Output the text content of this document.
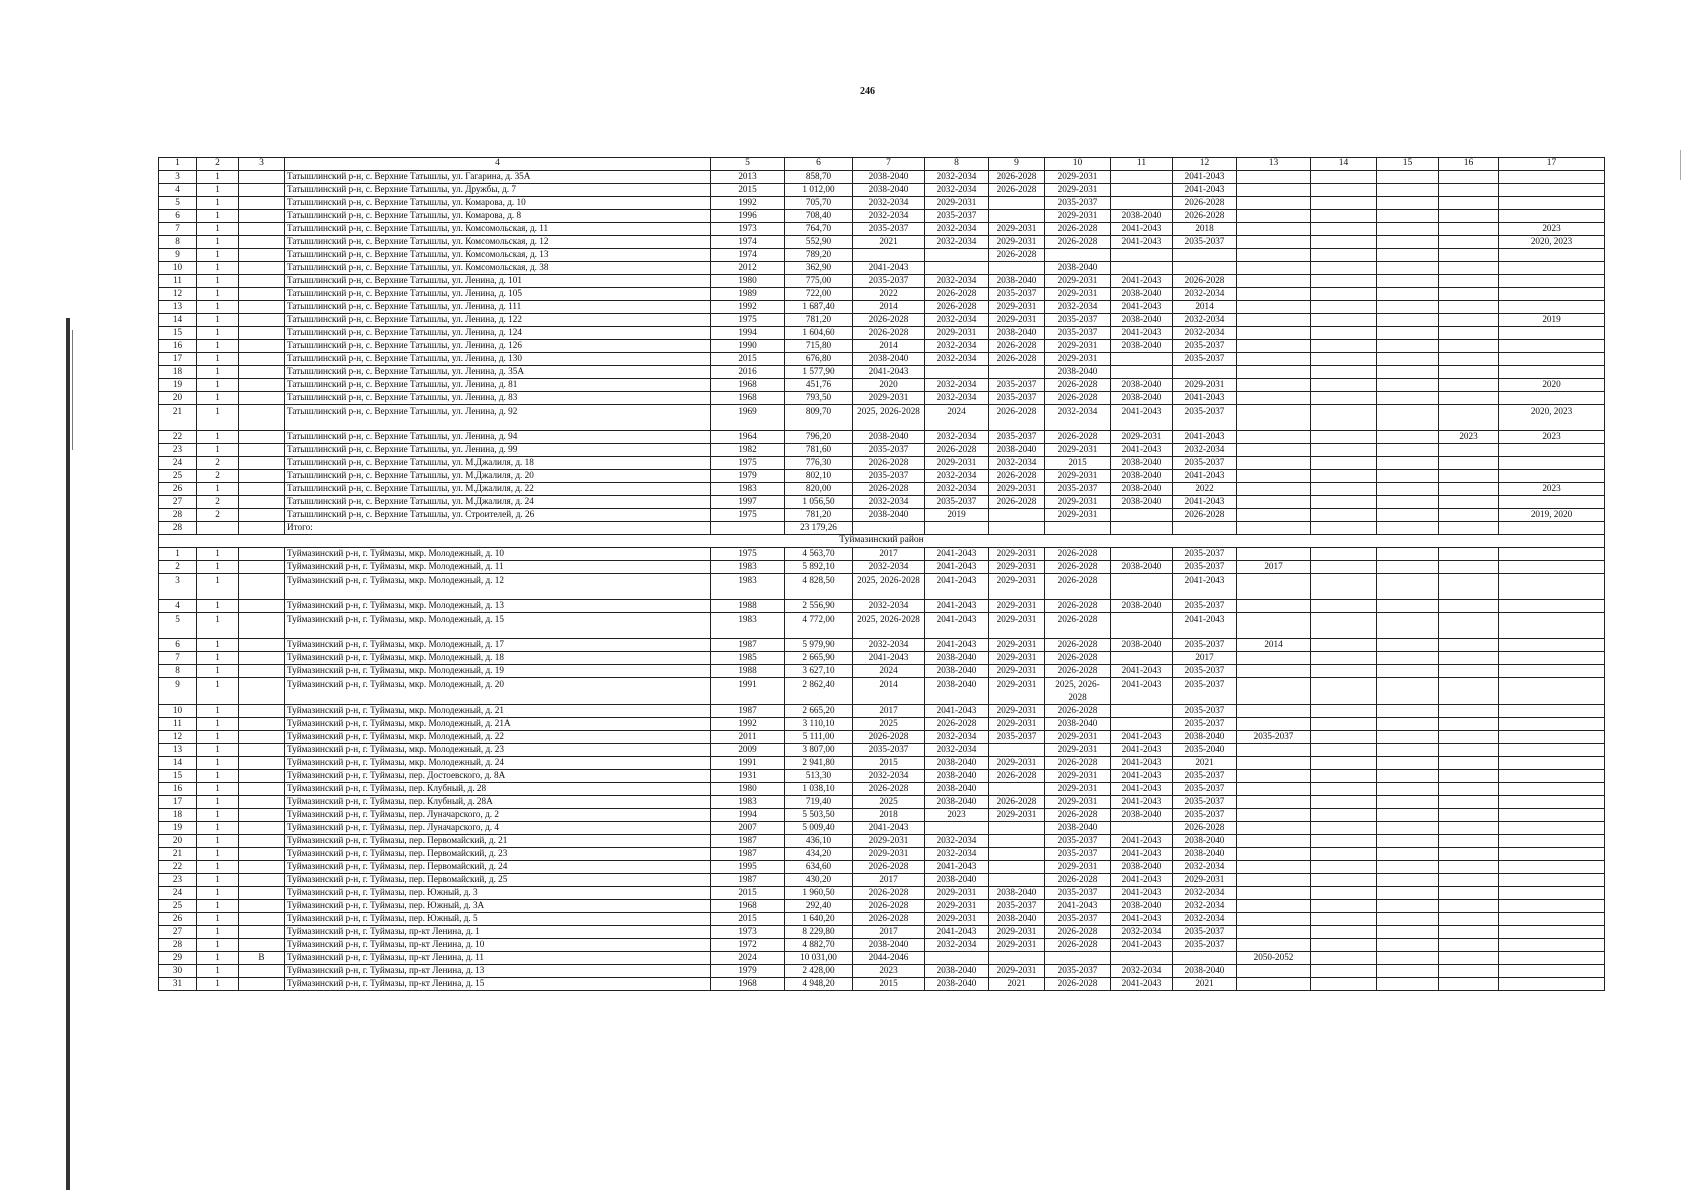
246
1	2	3	4	5	6	7	8	9	10	11	12	13	14	15	16	17
3	1		Татышлинский р-н, с. Верхние Татышлы, ул. Гагарина, д. 35А	2013	858,70	2038-2040	2032-2034	2026-2028	2029-2031		2041-2043					
4	1		Татышлинский р-н, с. Верхние Татышлы, ул. Дружбы, д. 7	2015	1 012,00	2038-2040	2032-2034	2026-2028	2029-2031		2041-2043					
5	1		Татышлинский р-н, с. Верхние Татышлы, ул. Комарова, д. 10	1992	705,70	2032-2034	2029-2031		2035-2037		2026-2028					
6	1		Татышлинский р-н, с. Верхние Татышлы, ул. Комарова, д. 8	1996	708,40	2032-2034	2035-2037		2029-2031	2038-2040	2026-2028					
7	1		Татышлинский р-н, с. Верхние Татышлы, ул. Комсомольская, д. 11	1973	764,70	2035-2037	2032-2034	2029-2031	2026-2028	2041-2043	2018					2023
8	1		Татышлинский р-н, с. Верхние Татышлы, ул. Комсомольская, д. 12	1974	552,90	2021	2032-2034	2029-2031	2026-2028	2041-2043	2035-2037					2020, 2023
9	1		Татышлинский р-н, с. Верхние Татышлы, ул. Комсомольская, д. 13	1974	789,20			2026-2028								
10	1		Татышлинский р-н, с. Верхние Татышлы, ул. Комсомольская, д. 38	2012	362,90	2041-2043			2038-2040							
11	1		Татышлинский р-н, с. Верхние Татышлы, ул. Ленина, д. 101	1980	775,00	2035-2037	2032-2034	2038-2040	2029-2031	2041-2043	2026-2028					
12	1		Татышлинский р-н, с. Верхние Татышлы, ул. Ленина, д. 105	1989	722,00	2022	2026-2028	2035-2037	2029-2031	2038-2040	2032-2034					
13	1		Татышлинский р-н, с. Верхние Татышлы, ул. Ленина, д. 111	1992	1 687,40	2014	2026-2028	2029-2031	2032-2034	2041-2043	2014					
14	1		Татышлинский р-н, с. Верхние Татышлы, ул. Ленина, д. 122	1975	781,20	2026-2028	2032-2034	2029-2031	2035-2037	2038-2040	2032-2034					2019
15	1		Татышлинский р-н, с. Верхние Татышлы, ул. Ленина, д. 124	1994	1 604,60	2026-2028	2029-2031	2038-2040	2035-2037	2041-2043	2032-2034					
16	1		Татышлинский р-н, с. Верхние Татышлы, ул. Ленина, д. 126	1990	715,80	2014	2032-2034	2026-2028	2029-2031	2038-2040	2035-2037					
17	1		Татышлинский р-н, с. Верхние Татышлы, ул. Ленина, д. 130	2015	676,80	2038-2040	2032-2034	2026-2028	2029-2031		2035-2037					
18	1		Татышлинский р-н, с. Верхние Татышлы, ул. Ленина, д. 35А	2016	1 577,90	2041-2043			2038-2040							
19	1		Татышлинский р-н, с. Верхние Татышлы, ул. Ленина, д. 81	1968	451,76	2020	2032-2034	2035-2037	2026-2028	2038-2040	2029-2031					2020
20	1		Татышлинский р-н, с. Верхние Татышлы, ул. Ленина, д. 83	1968	793,50	2029-2031	2032-2034	2035-2037	2026-2028	2038-2040	2041-2043					
21	1		Татышлинский р-н, с. Верхние Татышлы, ул. Ленина, д. 92	1969	809,70	2025, 2026-2028	2024	2026-2028	2032-2034	2041-2043	2035-2037					2020, 2023
22	1		Татышлинский р-н, с. Верхние Татышлы, ул. Ленина, д. 94	1964	796,20	2038-2040	2032-2034	2035-2037	2026-2028	2029-2031	2041-2043				2023	2023
23	1		Татышлинский р-н, с. Верхние Татышлы, ул. Ленина, д. 99	1982	781,60	2035-2037	2026-2028	2038-2040	2029-2031	2041-2043	2032-2034					
24	2		Татышлинский р-н, с. Верхние Татышлы, ул. М.Джалиля, д. 18	1975	776,30	2026-2028	2029-2031	2032-2034	2015	2038-2040	2035-2037					
25	2		Татышлинский р-н, с. Верхние Татышлы, ул. М.Джалиля, д. 20	1979	802,10	2035-2037	2032-2034	2026-2028	2029-2031	2038-2040	2041-2043					
26	1		Татышлинский р-н, с. Верхние Татышлы, ул. М.Джалиля, д. 22	1983	820,00	2026-2028	2032-2034	2029-2031	2035-2037	2038-2040	2022					2023
27	2		Татышлинский р-н, с. Верхние Татышлы, ул. М.Джалиля, д. 24	1997	1 056,50	2032-2034	2035-2037	2026-2028	2029-2031	2038-2040	2041-2043					
28	2		Татышлинский р-н, с. Верхние Татышлы, ул. Строителей, д. 26	1975	781,20	2038-2040	2019		2029-2031		2026-2028					2019, 2020
28			Итого:		23 179,26											
Туймазинский район																
1	1		Туймазинский р-н, г. Туймазы, мкр. Молодежный, д. 10	1975	4 563,70	2017	2041-2043	2029-2031	2026-2028		2035-2037					
2	1		Туймазинский р-н, г. Туймазы, мкр. Молодежный, д. 11	1983	5 892,10	2032-2034	2041-2043	2029-2031	2026-2028	2038-2040	2035-2037	2017				
3	1		Туймазинский р-н, г. Туймазы, мкр. Молодежный, д. 12	1983	4 828,50	2025, 2026-2028	2041-2043	2029-2031	2026-2028		2041-2043					
4	1		Туймазинский р-н, г. Туймазы, мкр. Молодежный, д. 13	1988	2 556,90	2032-2034	2041-2043	2029-2031	2026-2028	2038-2040	2035-2037					
5	1		Туймазинский р-н, г. Туймазы, мкр. Молодежный, д. 15	1983	4 772,00	2025, 2026-2028	2041-2043	2029-2031	2026-2028		2041-2043					
6	1		Туймазинский р-н, г. Туймазы, мкр. Молодежный, д. 17	1987	5 979,90	2032-2034	2041-2043	2029-2031	2026-2028	2038-2040	2035-2037	2014				
7	1		Туймазинский р-н, г. Туймазы, мкр. Молодежный, д. 18	1985	2 665,90	2041-2043	2038-2040	2029-2031	2026-2028		2017					
8	1		Туймазинский р-н, г. Туймазы, мкр. Молодежный, д. 19	1988	3 627,10	2024	2038-2040	2029-2031	2026-2028	2041-2043	2035-2037					
9	1		Туймазинский р-н, г. Туймазы, мкр. Молодежный, д. 20	1991	2 862,40	2014	2038-2040	2029-2031	2025, 2026-2028	2041-2043	2035-2037					
10	1		Туймазинский р-н, г. Туймазы, мкр. Молодежный, д. 21	1987	2 665,20	2017	2041-2043	2029-2031	2026-2028		2035-2037					
11	1		Туймазинский р-н, г. Туймазы, мкр. Молодежный, д. 21А	1992	3 110,10	2025	2026-2028	2029-2031	2038-2040		2035-2037					
12	1		Туймазинский р-н, г. Туймазы, мкр. Молодежный, д. 22	2011	5 111,00	2026-2028	2032-2034	2035-2037	2029-2031	2041-2043	2038-2040	2035-2037				
13	1		Туймазинский р-н, г. Туймазы, мкр. Молодежный, д. 23	2009	3 807,00	2035-2037	2032-2034		2029-2031	2041-2043	2035-2040					
14	1		Туймазинский р-н, г. Туймазы, мкр. Молодежный, д. 24	1991	2 941,80	2015	2038-2040	2029-2031	2026-2028	2041-2043	2021					
15	1		Туймазинский р-н, г. Туймазы, пер. Достоевского, д. 8А	1931	513,30	2032-2034	2038-2040	2026-2028	2029-2031	2041-2043	2035-2037					
16	1		Туймазинский р-н, г. Туймазы, пер. Клубный, д. 28	1980	1 038,10	2026-2028	2038-2040		2029-2031	2041-2043	2035-2037					
17	1		Туймазинский р-н, г. Туймазы, пер. Клубный, д. 28А	1983	719,40	2025	2038-2040	2026-2028	2029-2031	2041-2043	2035-2037					
18	1		Туймазинский р-н, г. Туймазы, пер. Луначарского, д. 2	1994	5 503,50	2018	2023	2029-2031	2026-2028	2038-2040	2035-2037					
19	1		Туймазинский р-н, г. Туймазы, пер. Луначарского, д. 4	2007	5 009,40	2041-2043			2038-2040		2026-2028					
20	1		Туймазинский р-н, г. Туймазы, пер. Первомайский, д. 21	1987	436,10	2029-2031	2032-2034		2035-2037	2041-2043	2038-2040					
21	1		Туймазинский р-н, г. Туймазы, пер. Первомайский, д. 23	1987	434,20	2029-2031	2032-2034		2035-2037	2041-2043	2038-2040					
22	1		Туймазинский р-н, г. Туймазы, пер. Первомайский, д. 24	1995	634,60	2026-2028	2041-2043		2029-2031	2038-2040	2032-2034					
23	1		Туймазинский р-н, г. Туймазы, пер. Первомайский, д. 25	1987	430,20	2017	2038-2040		2026-2028	2041-2043	2029-2031					
24	1		Туймазинский р-н, г. Туймазы, пер. Южный, д. 3	2015	1 960,50	2026-2028	2029-2031	2038-2040	2035-2037	2041-2043	2032-2034					
25	1		Туймазинский р-н, г. Туймазы, пер. Южный, д. 3А	1968	292,40	2026-2028	2029-2031	2035-2037	2041-2043	2038-2040	2032-2034					
26	1		Туймазинский р-н, г. Туймазы, пер. Южный, д. 5	2015	1 640,20	2026-2028	2029-2031	2038-2040	2035-2037	2041-2043	2032-2034					
27	1		Туймазинский р-н, г. Туймазы, пр-кт Ленина, д. 1	1973	8 229,80	2017	2041-2043	2029-2031	2026-2028	2032-2034	2035-2037					
28	1		Туймазинский р-н, г. Туймазы, пр-кт Ленина, д. 10	1972	4 882,70	2038-2040	2032-2034	2029-2031	2026-2028	2041-2043	2035-2037					
29	1	В	Туймазинский р-н, г. Туймазы, пр-кт Ленина, д. 11	2024	10 031,00	2044-2046						2050-2052				
30	1		Туймазинский р-н, г. Туймазы, пр-кт Ленина, д. 13	1979	2 428,00	2023	2038-2040	2029-2031	2035-2037	2032-2034	2038-2040					
31	1		Туймазинский р-н, г. Туймазы, пр-кт Ленина, д. 15	1968	4 948,20	2015	2038-2040	2021	2026-2028	2041-2043	2021					
